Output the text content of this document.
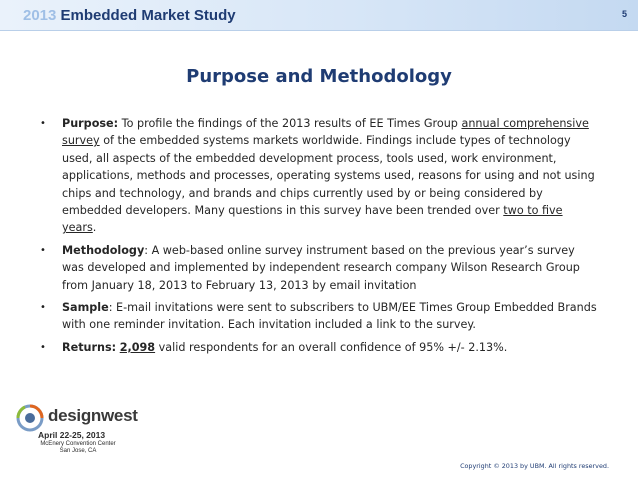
2013 Embedded Market Study	5
Purpose and Methodology
• Purpose: To profile the findings of the 2013 results of EE Times Group annual comprehensive survey of the embedded systems markets worldwide. Findings include types of technology used, all aspects of the embedded development process, tools used, work environment, applications, methods and processes, operating systems used, reasons for using and not using chips and technology, and brands and chips currently used by or being considered by embedded developers. Many questions in this survey have been trended over two to five years.
• Methodology: A web-based online survey instrument based on the previous year’s survey was developed and implemented by independent research company Wilson Research Group from January 18, 2013 to February 13, 2013 by email invitation
• Sample: E-mail invitations were sent to subscribers to UBM/EE Times Group Embedded Brands with one reminder invitation. Each invitation included a link to the survey.
• Returns: 2,098 valid respondents for an overall confidence of 95% +/- 2.13%.
designwest
April 22-25, 2013
McEnery Convention Center
San Jose, CA
Copyright © 2013 by UBM. All rights reserved.
